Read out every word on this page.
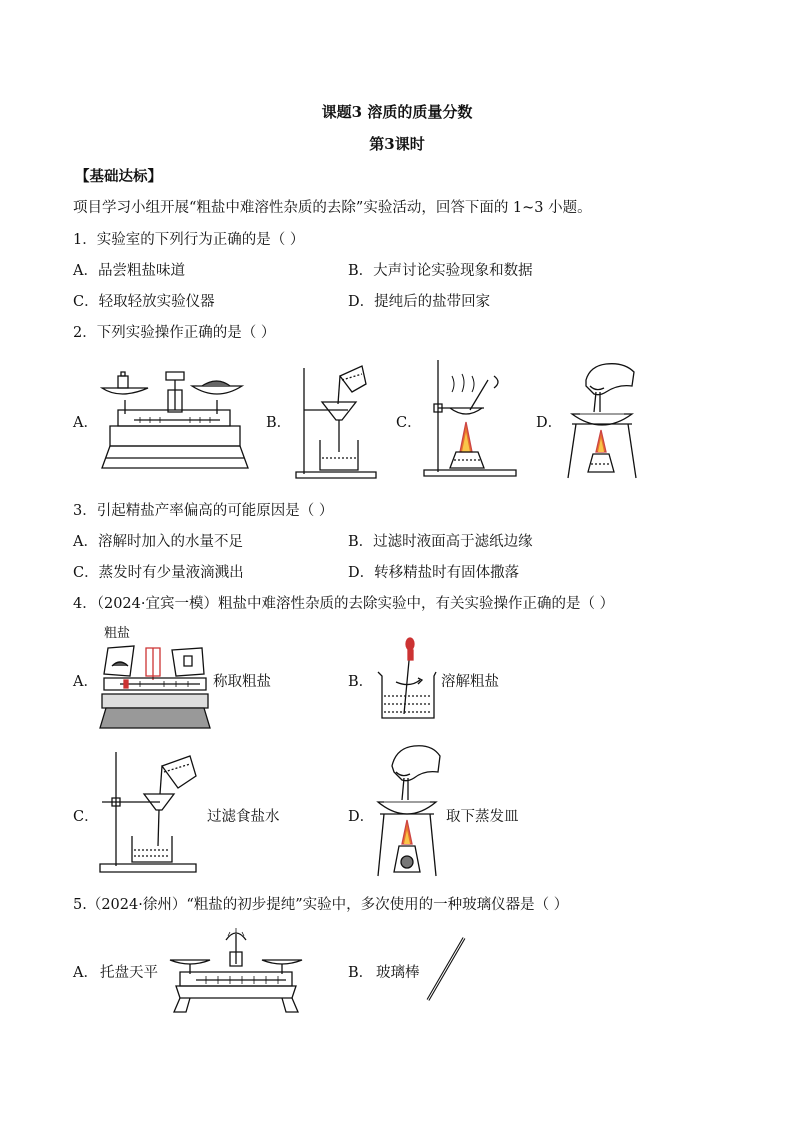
课题3 溶质的质量分数
第3课时
【基础达标】
项目学习小组开展“粗盐中难溶性杂质的去除”实验活动，回答下面的 1~3 小题。
1．实验室的下列行为正确的是（ ）
A．品尝粗盐味道	B．大声讨论实验现象和数据
C．轻取轻放实验仪器	D．提纯后的盐带回家
2．下列实验操作正确的是（ ）
A．	B．	C．	D．
3．引起精盐产率偏高的可能原因是（ ）
A．溶解时加入的水量不足	B．过滤时液面高于滤纸边缘
C．蒸发时有少量液滴溅出	D．转移精盐时有固体撒落
4．（2024·宜宾一模）粗盐中难溶性杂质的去除实验中，有关实验操作正确的是（ ）
粗盐
A．	称取粗盐	B．	溶解粗盐
C．	过滤食盐水	D．	取下蒸发皿
5.（2024·徐州）“粗盐的初步提纯”实验中，多次使用的一种玻璃仪器是（ ）
A． 托盘天平	B． 玻璃棒
